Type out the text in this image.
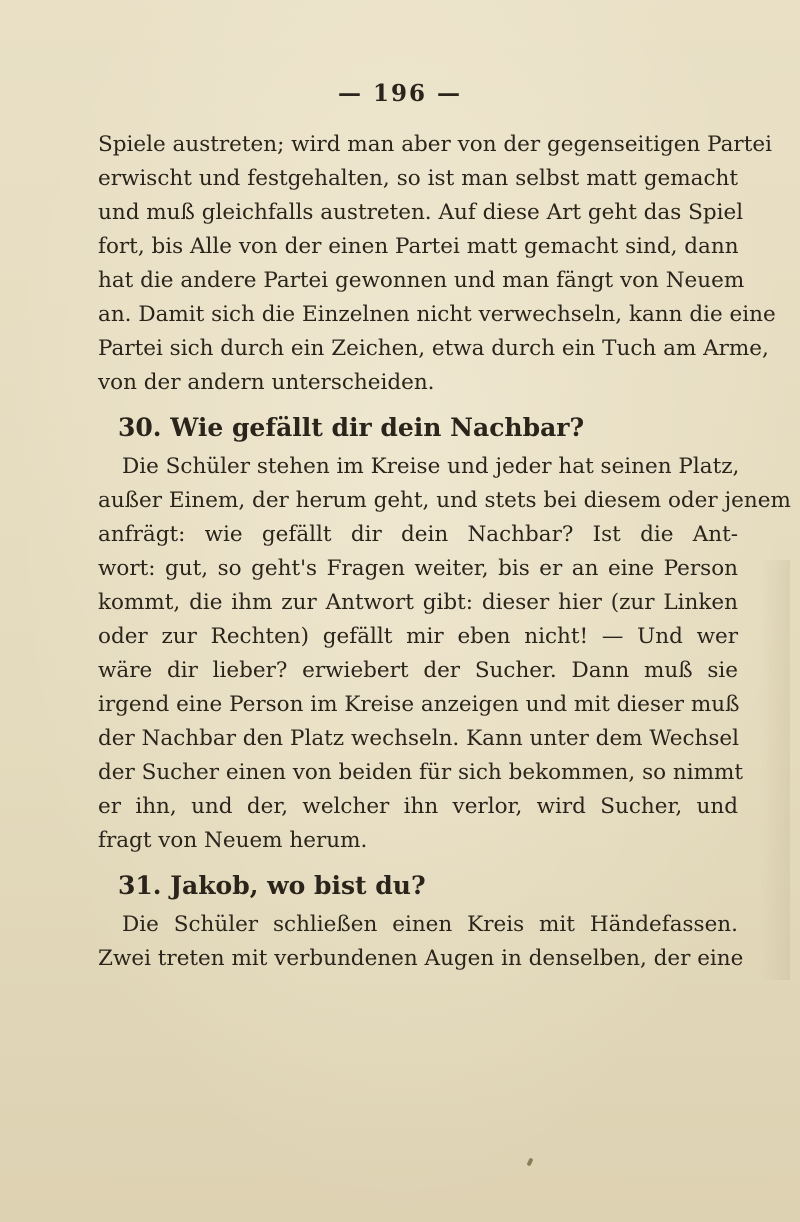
— 196 —
Spiele austreten; wird man aber von der gegenseitigen Partei
erwischt und festgehalten, so ist man selbst matt gemacht
und muß gleichfalls austreten. Auf diese Art geht das Spiel
fort, bis Alle von der einen Partei matt gemacht sind, dann
hat die andere Partei gewonnen und man fängt von Neuem
an. Damit sich die Einzelnen nicht verwechseln, kann die eine
Partei sich durch ein Zeichen, etwa durch ein Tuch am Arme,
von der andern unterscheiden.
30. Wie gefällt dir dein Nachbar?
Die Schüler stehen im Kreise und jeder hat seinen Platz,
außer Einem, der herum geht, und stets bei diesem oder jenem
anfrägt: wie gefällt dir dein Nachbar? Ist die Ant-
wort: gut, so geht's Fragen weiter, bis er an eine Person
kommt, die ihm zur Antwort gibt: dieser hier (zur Linken
oder zur Rechten) gefällt mir eben nicht! — Und wer
wäre dir lieber? erwiebert der Sucher. Dann muß sie
irgend eine Person im Kreise anzeigen und mit dieser muß
der Nachbar den Platz wechseln. Kann unter dem Wechsel
der Sucher einen von beiden für sich bekommen, so nimmt
er ihn, und der, welcher ihn verlor, wird Sucher, und
fragt von Neuem herum.
31. Jakob, wo bist du?
Die Schüler schließen einen Kreis mit Händefassen.
Zwei treten mit verbundenen Augen in denselben, der eine
